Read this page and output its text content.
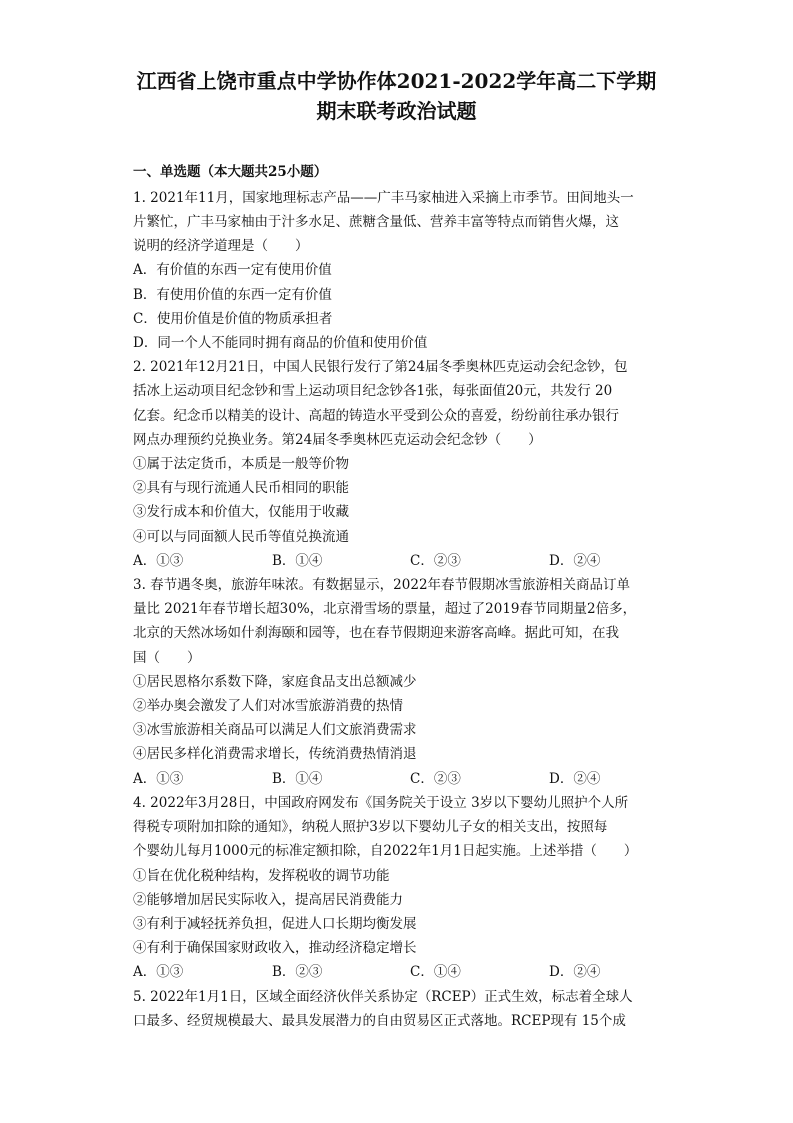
江西省上饶市重点中学协作体2021-2022学年高二下学期
期末联考政治试题
一、单选题（本大题共25小题）
1. 2021年11月，国家地理标志产品——广丰马家柚进入采摘上市季节。田间地头一
片繁忙，广丰马家柚由于汁多水足、蔗糖含量低、营养丰富等特点而销售火爆，这
说明的经济学道理是（　　）
A．有价值的东西一定有使用价值
B．有使用价值的东西一定有价值
C．使用价值是价值的物质承担者
D．同一个人不能同时拥有商品的价值和使用价值
2. 2021年12月21日，中国人民银行发行了第24届冬季奥林匹克运动会纪念钞，包
括冰上运动项目纪念钞和雪上运动项目纪念钞各1张，每张面值20元，共发行 20
亿套。纪念币以精美的设计、高超的铸造水平受到公众的喜爱，纷纷前往承办银行
网点办理预约兑换业务。第24届冬季奥林匹克运动会纪念钞（　　）
①属于法定货币，本质是一般等价物
②具有与现行流通人民币相同的职能
③发行成本和价值大，仅能用于收藏
④可以与同面额人民币等值兑换流通
A．①③	B．①④	C．②③	D．②④
3. 春节遇冬奥，旅游年味浓。有数据显示，2022年春节假期冰雪旅游相关商品订单
量比 2021年春节增长超30%，北京滑雪场的票量，超过了2019春节同期量2倍多，
北京的天然冰场如什刹海颐和园等，也在春节假期迎来游客高峰。据此可知，在我
国（　　）
①居民恩格尔系数下降，家庭食品支出总额减少
②举办奥会激发了人们对冰雪旅游消费的热情
③冰雪旅游相关商品可以满足人们文旅消费需求
④居民多样化消费需求增长，传统消费热情消退
A．①③	B．①④	C．②③	D．②④
4. 2022年3月28日，中国政府网发布《国务院关于设立 3岁以下婴幼儿照护个人所
得税专项附加扣除的通知》，纳税人照护3岁以下婴幼儿子女的相关支出，按照每
个婴幼儿每月1000元的标准定额扣除，自2022年1月1日起实施。上述举措（　　）
①旨在优化税种结构，发挥税收的调节功能
②能够增加居民实际收入，提高居民消费能力
③有利于减轻抚养负担，促进人口长期均衡发展
④有利于确保国家财政收入，推动经济稳定增长
A．①③	B．②③	C．①④	D．②④
5. 2022年1月1日，区域全面经济伙伴关系协定（RCEP）正式生效，标志着全球人
口最多、经贸规模最大、最具发展潜力的自由贸易区正式落地。RCEP现有 15个成
